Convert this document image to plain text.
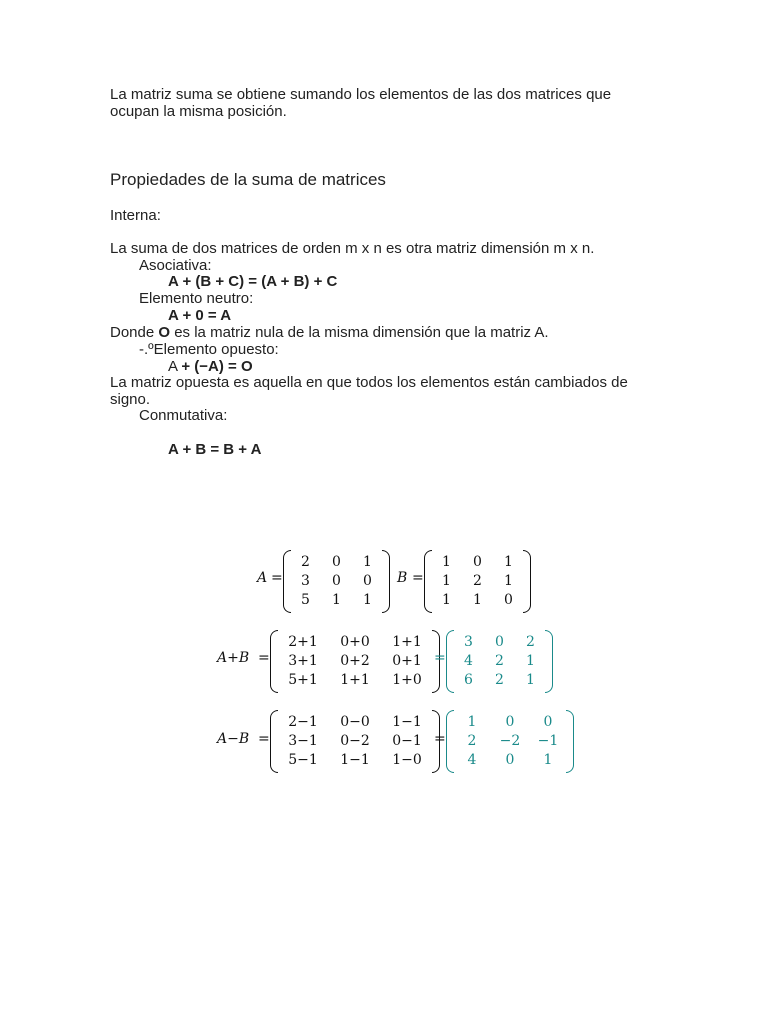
La matriz suma se obtiene sumando los elementos de las dos matrices que ocupan la misma posición.
Propiedades de la suma de matrices
Interna:
La suma de dos matrices de orden m x n es otra matriz dimensión m x n.
Asociativa:
A + (B + C) = (A + B) + C
Elemento neutro:
A + 0 = A
Donde O es la matriz nula de la misma dimensión que la matriz A.
-.ºElemento opuesto:
A + (−A) = O
La matriz opuesta es aquella en que todos los elementos están cambiados de signo.
Conmutativa:
A + B = B + A
A =
2	0	1
3	0	0
5	1	1
B =
1	0	1
1	2	1
1	1	0
A+B =
2+1	0+0	1+1
3+1	0+2	0+1
5+1	1+1	1+0
=
3	0	2
4	2	1
6	2	1
A−B =
2−1	0−0	1−1
3−1	0−2	0−1
5−1	1−1	1−0
=
1	0	0
2	−2	−1
4	0	1
